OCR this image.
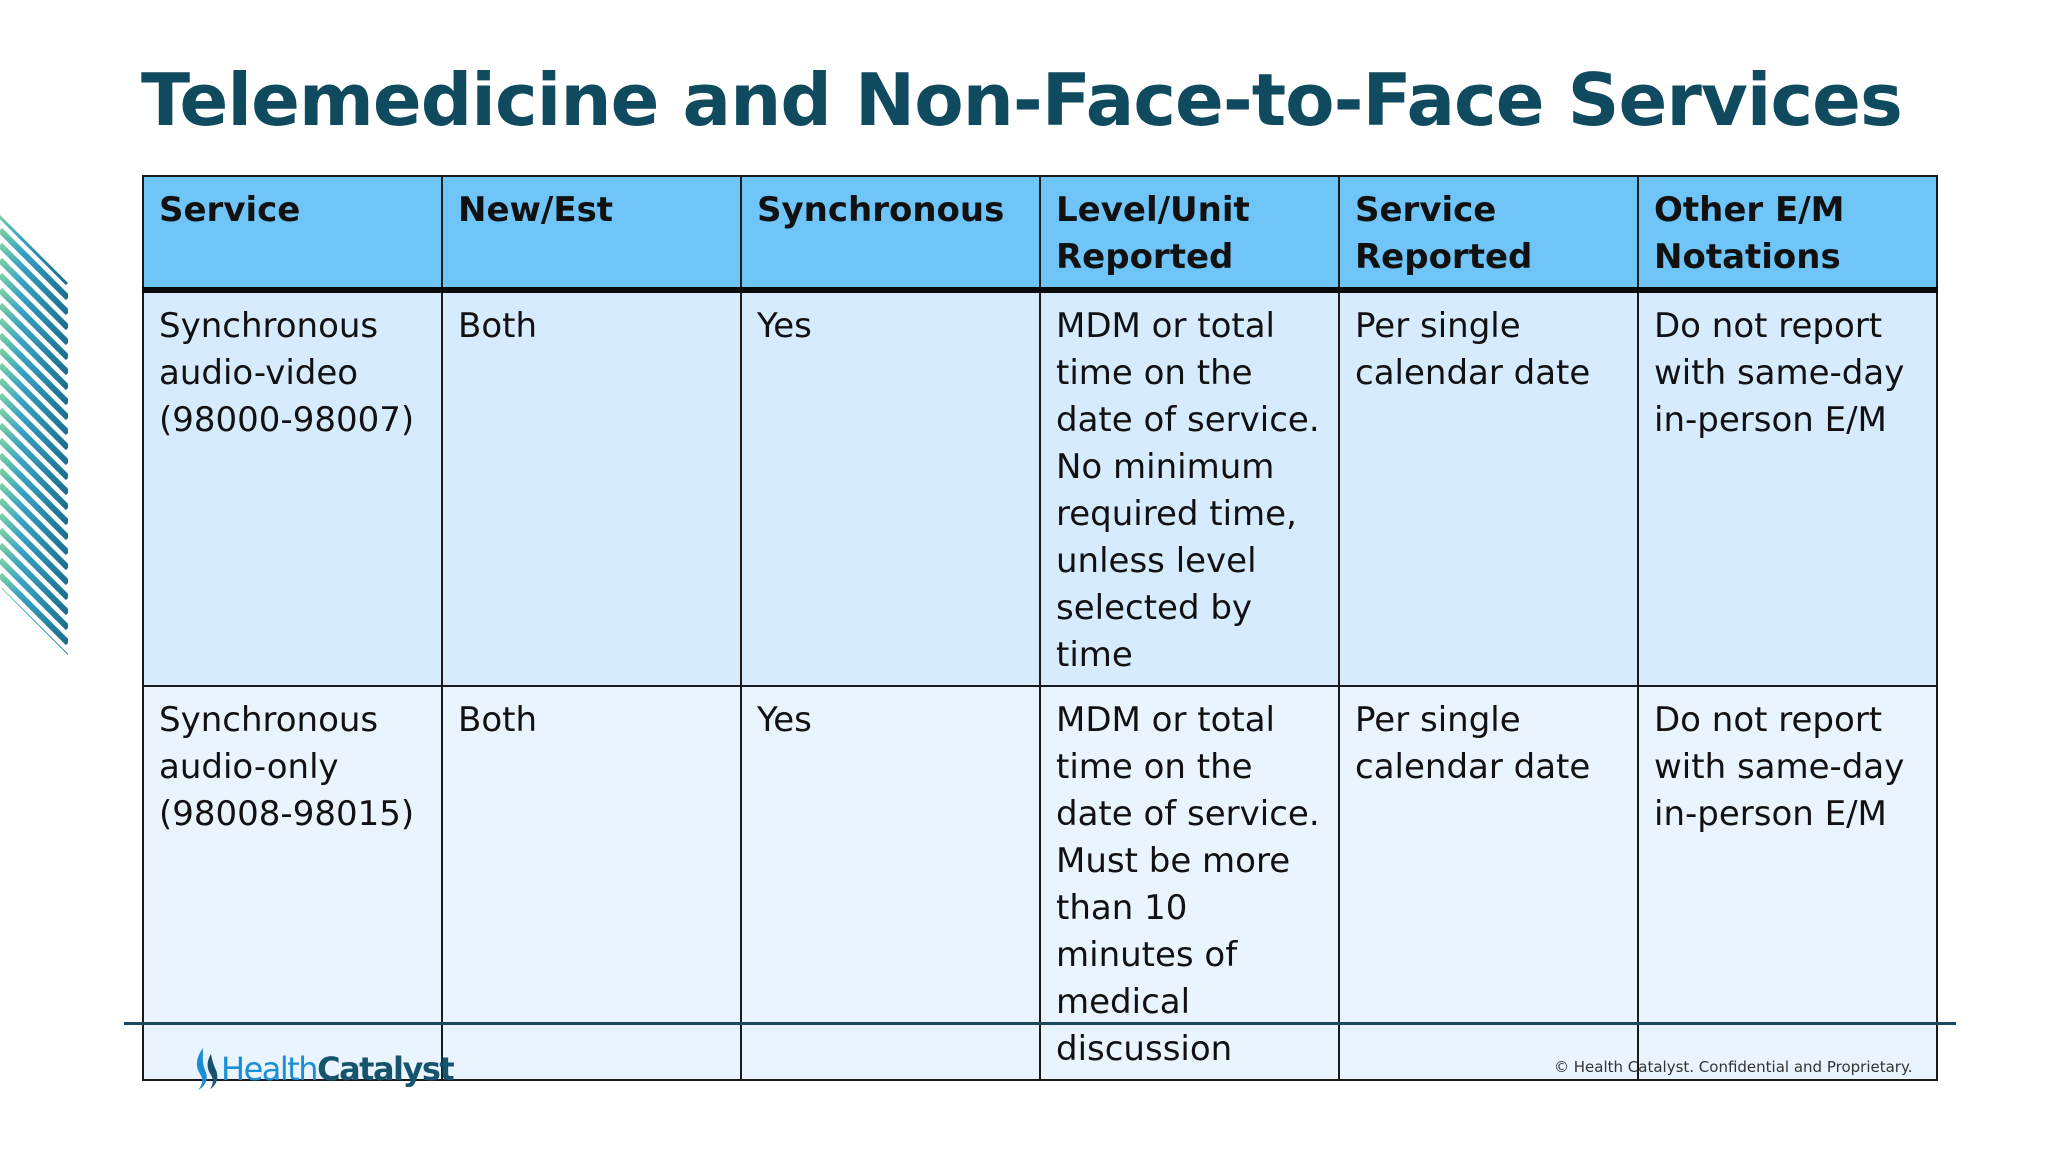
Telemedicine and Non-Face-to-Face Services
Service	New/Est	Synchronous	Level/Unit Reported	Service Reported	Other E/M Notations
Synchronous audio-video (98000-98007)	Both	Yes	MDM or total time on the date of service. No minimum required time, unless level selected by time	Per single calendar date	Do not report with same-day in-person E/M
Synchronous audio-only (98008-98015)	Both	Yes	MDM or total time on the date of service. Must be more than 10 minutes of medical discussion	Per single calendar date	Do not report with same-day in-person E/M
HealthCatalyst	© Health Catalyst. Confidential and Proprietary.
